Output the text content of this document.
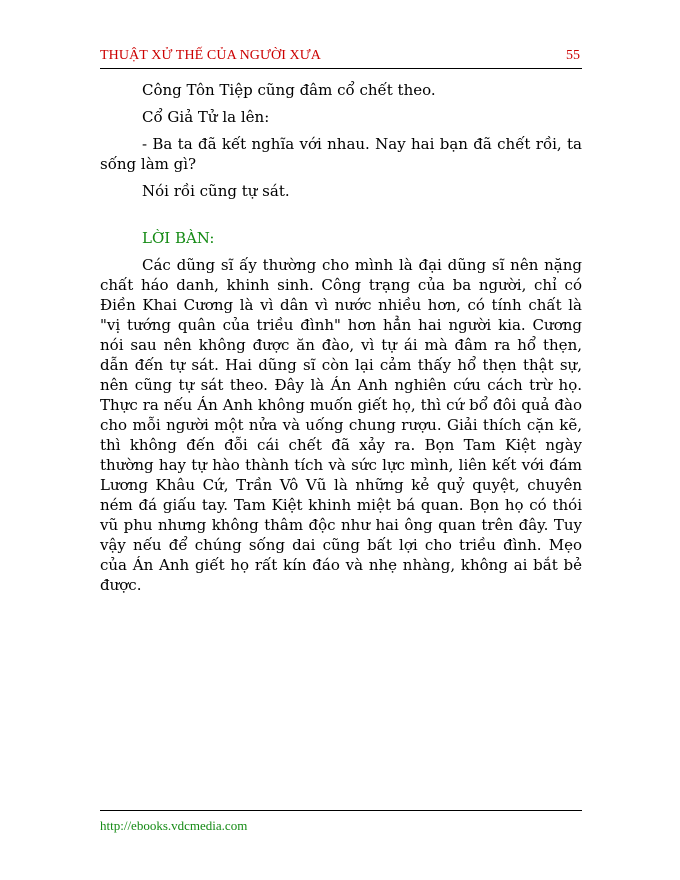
THUẬT XỬ THẾ CỦA NGƯỜI XƯA	55

Công Tôn Tiệp cũng đâm cổ chết theo.

Cổ Giả Tử la lên:

- Ba ta đã kết nghĩa với nhau. Nay hai bạn đã chết rồi, ta sống làm gì?

Nói rồi cũng tự sát.

LỜI BÀN:

Các dũng sĩ ấy thường cho mình là đại dũng sĩ nên nặng chất háo danh, khinh sinh. Công trạng của ba người, chỉ có Điền Khai Cương là vì dân vì nước nhiều hơn, có tính chất là "vị tướng quân của triều đình" hơn hẳn hai người kia. Cương nói sau nên không được ăn đào, vì tự ái mà đâm ra hổ thẹn, dẫn đến tự sát. Hai dũng sĩ còn lại cảm thấy hổ thẹn thật sự, nên cũng tự sát theo. Đây là Án Anh nghiên cứu cách trừ họ. Thực ra nếu Án Anh không muốn giết họ, thì cứ bổ đôi quả đào cho mỗi người một nửa và uống chung rượu. Giải thích cặn kẽ, thì không đến đỗi cái chết đã xảy ra. Bọn Tam Kiệt ngày thường hay tự hào thành tích và sức lực mình, liên kết với đám Lương Khâu Cứ, Trần Vô Vũ là những kẻ quỷ quyệt, chuyên ném đá giấu tay. Tam Kiệt khinh miệt bá quan. Bọn họ có thói vũ phu nhưng không thâm độc như hai ông quan trên đây. Tuy vậy nếu để chúng sống dai cũng bất lợi cho triều đình. Mẹo của Án Anh giết họ rất kín đáo và nhẹ nhàng, không ai bắt bẻ được.

http://ebooks.vdcmedia.com
